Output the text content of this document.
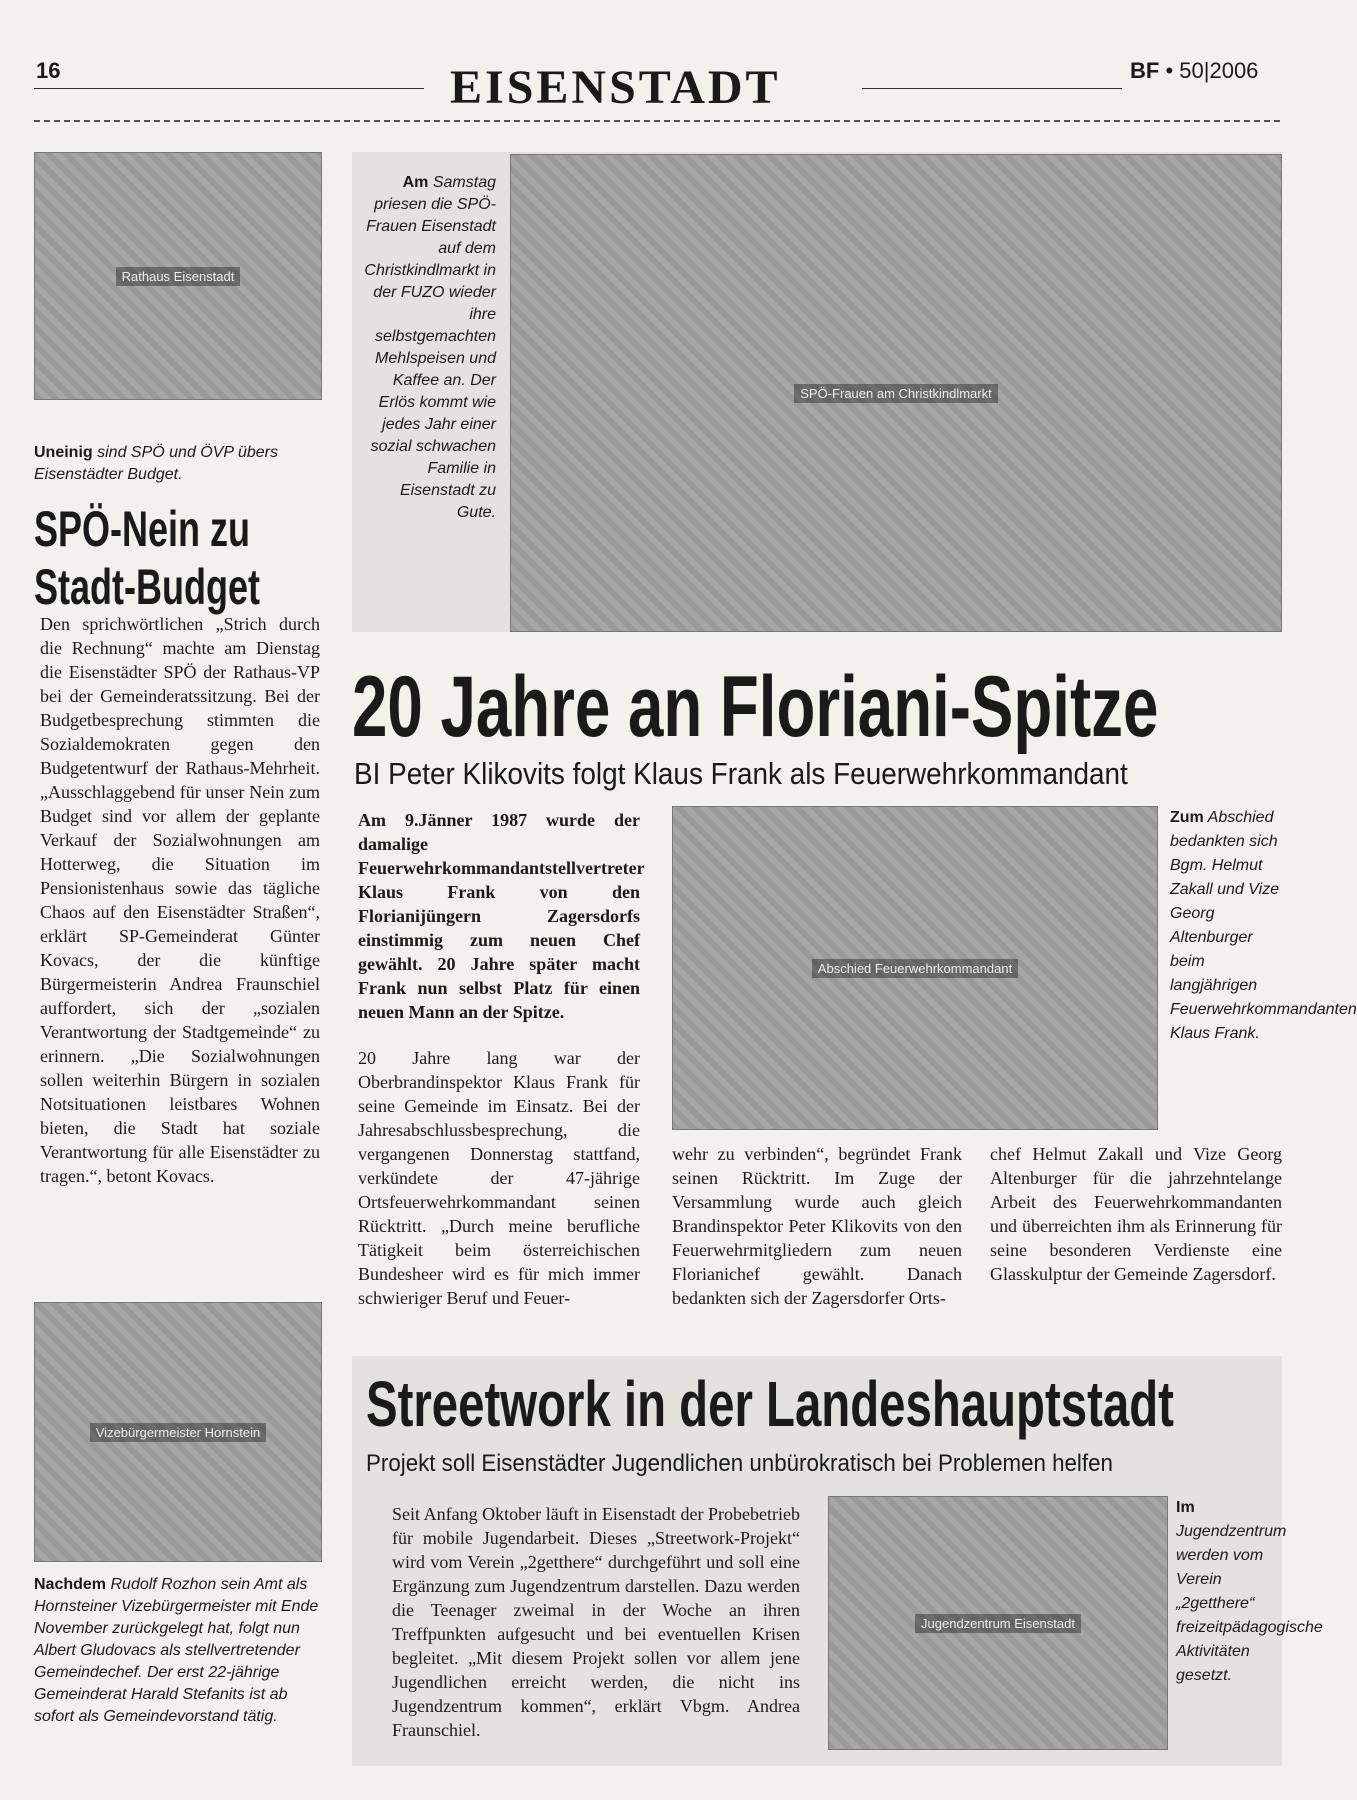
16	EISENSTADT	BF • 50|2006
Rathaus Eisenstadt
Uneinig sind SPÖ und ÖVP übers Eisenstädter Budget.
SPÖ-Nein zu
Stadt-Budget
Den sprichwörtlichen „Strich durch die Rechnung“ machte am Dienstag die Eisenstädter SPÖ der Rathaus-VP bei der Gemeinderatssitzung. Bei der Budgetbesprechung stimmten die Sozialdemokraten gegen den Budgetentwurf der Rathaus-Mehrheit. „Ausschlaggebend für unser Nein zum Budget sind vor allem der geplante Verkauf der Sozialwohnungen am Hotterweg, die Situation im Pensionistenhaus sowie das tägliche Chaos auf den Eisenstädter Straßen“, erklärt SP-Gemeinderat Günter Kovacs, der die künftige Bürgermeisterin Andrea Fraunschiel auffordert, sich der „sozialen Verantwortung der Stadtgemeinde“ zu erinnern. „Die Sozialwohnungen sollen weiterhin Bürgern in sozialen Notsituationen leistbares Wohnen bieten, die Stadt hat soziale Verantwortung für alle Eisenstädter zu tragen.“, betont Kovacs.
SPÖ-Frauen am Christkindlmarkt
Am Samstag priesen die SPÖ-Frauen Eisenstadt auf dem Christkindlmarkt in der FUZO wieder ihre selbstgemachten Mehlspeisen und Kaffee an. Der Erlös kommt wie jedes Jahr einer sozial schwachen Familie in Eisenstadt zu Gute.
20 Jahre an Floriani-Spitze
BI Peter Klikovits folgt Klaus Frank als Feuerwehrkommandant
Am 9.Jänner 1987 wurde der damalige Feuerwehrkommandantstellvertreter Klaus Frank von den Florianijüngern Zagersdorfs einstimmig zum neuen Chef gewählt. 20 Jahre später macht Frank nun selbst Platz für einen neuen Mann an der Spitze.
20 Jahre lang war der Oberbrandinspektor Klaus Frank für seine Gemeinde im Einsatz. Bei der Jahresabschlussbesprechung, die vergangenen Donnerstag stattfand, verkündete der 47-jährige Ortsfeuerwehrkommandant seinen Rücktritt. „Durch meine berufliche Tätigkeit beim österreichischen Bundesheer wird es für mich immer schwieriger Beruf und Feuer-
Abschied Feuerwehrkommandant
Zum Abschied bedankten sich Bgm. Helmut Zakall und Vize Georg Altenburger beim langjährigen Feuerwehrkommandanten Klaus Frank.
wehr zu verbinden“, begründet Frank seinen Rücktritt. Im Zuge der Versammlung wurde auch gleich Brandinspektor Peter Klikovits von den Feuerwehrmitgliedern zum neuen Florianichef gewählt. Danach bedankten sich der Zagersdorfer Orts-
chef Helmut Zakall und Vize Georg Altenburger für die jahrzehntelange Arbeit des Feuerwehrkommandanten und überreichten ihm als Erinnerung für seine besonderen Verdienste eine Glasskulptur der Gemeinde Zagersdorf.
Vizebürgermeister Hornstein
Nachdem Rudolf Rozhon sein Amt als Hornsteiner Vizebürgermeister mit Ende November zurückgelegt hat, folgt nun Albert Gludovacs als stellvertretender Gemeindechef. Der erst 22-jährige Gemeinderat Harald Stefanits ist ab sofort als Gemeindevorstand tätig.
Streetwork in der Landeshauptstadt
Projekt soll Eisenstädter Jugendlichen unbürokratisch bei Problemen helfen
Seit Anfang Oktober läuft in Eisenstadt der Probebetrieb für mobile Jugendarbeit. Dieses „Streetwork-Projekt“ wird vom Verein „2getthere“ durchgeführt und soll eine Ergänzung zum Jugendzentrum darstellen. Dazu werden die Teenager zweimal in der Woche an ihren Treffpunkten aufgesucht und bei eventuellen Krisen begleitet. „Mit diesem Projekt sollen vor allem jene Jugendlichen erreicht werden, die nicht ins Jugendzentrum kommen“, erklärt Vbgm. Andrea Fraunschiel.
Jugendzentrum Eisenstadt
Im Jugendzentrum werden vom Verein „2getthere“ freizeitpädagogische Aktivitäten gesetzt.
